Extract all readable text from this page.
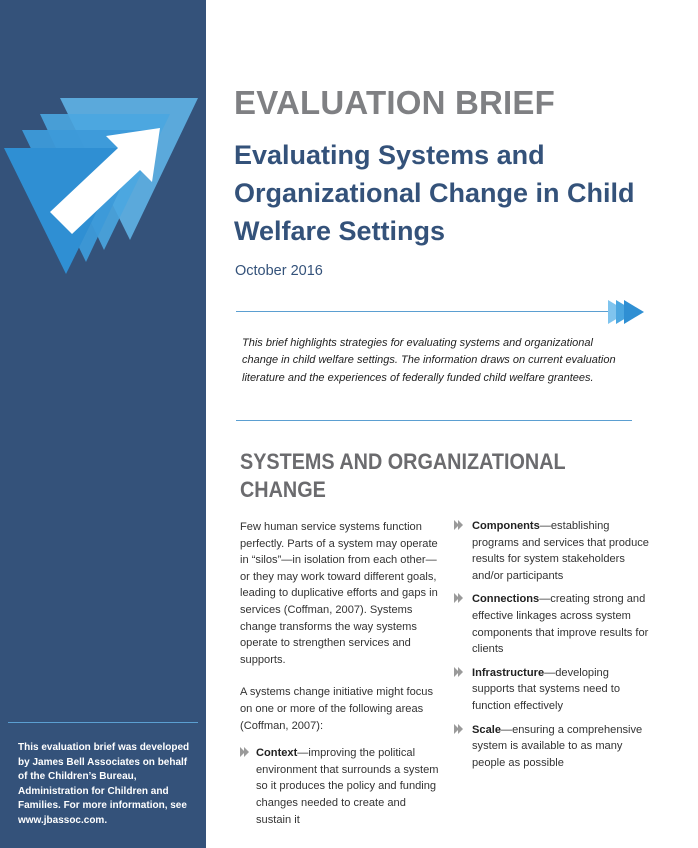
This evaluation brief was developed by James Bell Associates on behalf of the Children’s Bureau, Administration for Children and Families. For more information, see www.jbassoc.com.

EVALUATION BRIEF
Evaluating Systems and Organizational Change in Child Welfare Settings

October 2016

This brief highlights strategies for evaluating systems and organizational change in child welfare settings. The information draws on current evaluation literature and the experiences of federally funded child welfare grantees.

SYSTEMS AND ORGANIZATIONAL CHANGE

Few human service systems function perfectly. Parts of a system may operate in “silos”—in isolation from each other—or they may work toward different goals, leading to duplicative efforts and gaps in services (Coffman, 2007). Systems change transforms the way systems operate to strengthen services and supports.

A systems change initiative might focus on one or more of the following areas (Coffman, 2007):

Context—improving the political environment that surrounds a system so it produces the policy and funding changes needed to create and sustain it
Components—establishing programs and services that produce results for system stakeholders and/or participants
Connections—creating strong and effective linkages across system components that improve results for clients
Infrastructure—developing supports that systems need to function effectively
Scale—ensuring a comprehensive system is available to as many people as possible
